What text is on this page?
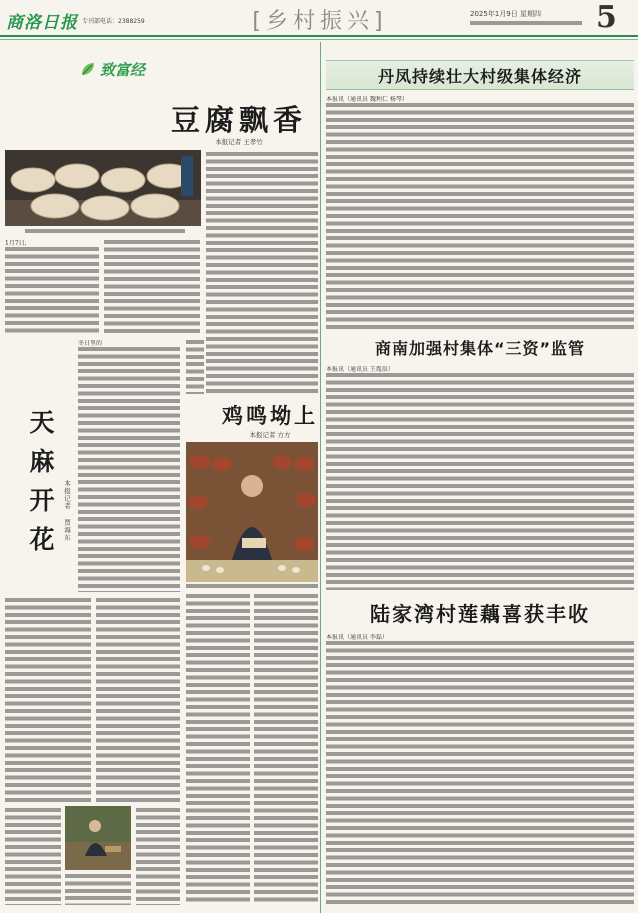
商洛日报 专刊部电话：2388259	[乡村振兴]	2025年1月9日 星期四 5
致富经
豆腐飘香
本报记者 王孝竹
1月7日，
冬日里的
天麻开花	本报记者 贾海东
鸡鸣坳上
本报记者 方方
丹凤持续壮大村级集体经济
本报讯（通讯员 魏利仁 杨琴）
商南加强村集体“三资”监管
本报讯（通讯员 王胤辰）
陆家湾村莲藕喜获丰收
本报讯（通讯员 李磊）
